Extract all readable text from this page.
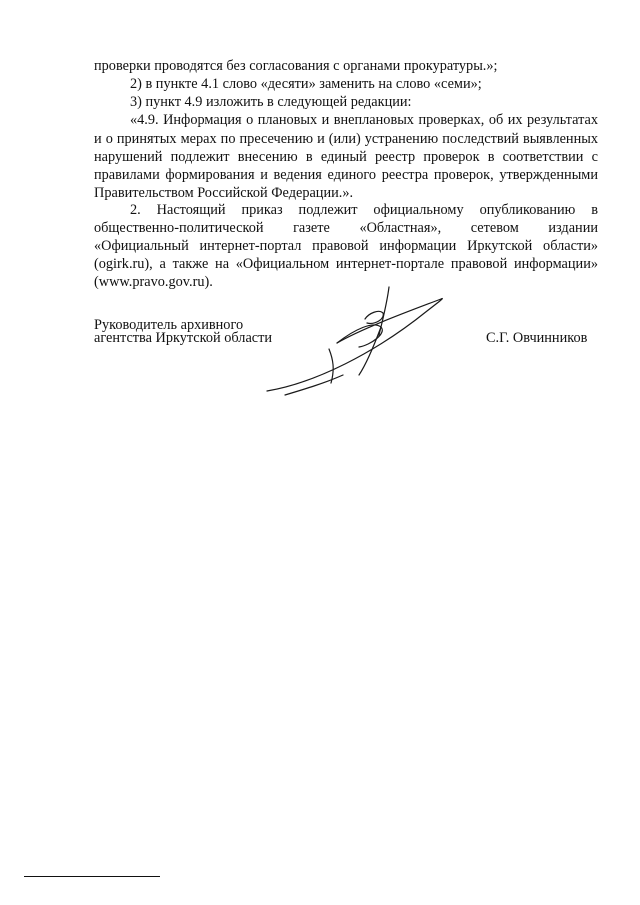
проверки проводятся без согласования с органами прокуратуры.»;
2) в пункте 4.1 слово «десяти» заменить на слово «семи»;
3) пункт 4.9 изложить в следующей редакции:
«4.9. Информация о плановых и внеплановых проверках, об их результатах
и о принятых мерах по пресечению и (или) устранению последствий выявленных
нарушений подлежит внесению в единый реестр проверок в соответствии с
правилами формирования и ведения единого реестра проверок, утвержденными
Правительством Российской Федерации.».
2. Настоящий приказ подлежит официальному опубликованию в
общественно-политической газете «Областная», сетевом издании
«Официальный интернет-портал правовой информации Иркутской области»
(ogirk.ru), а также на «Официальном интернет-портале правовой информации»
(www.pravo.gov.ru).
Руководитель архивного
агентства Иркутской области	С.Г. Овчинников
